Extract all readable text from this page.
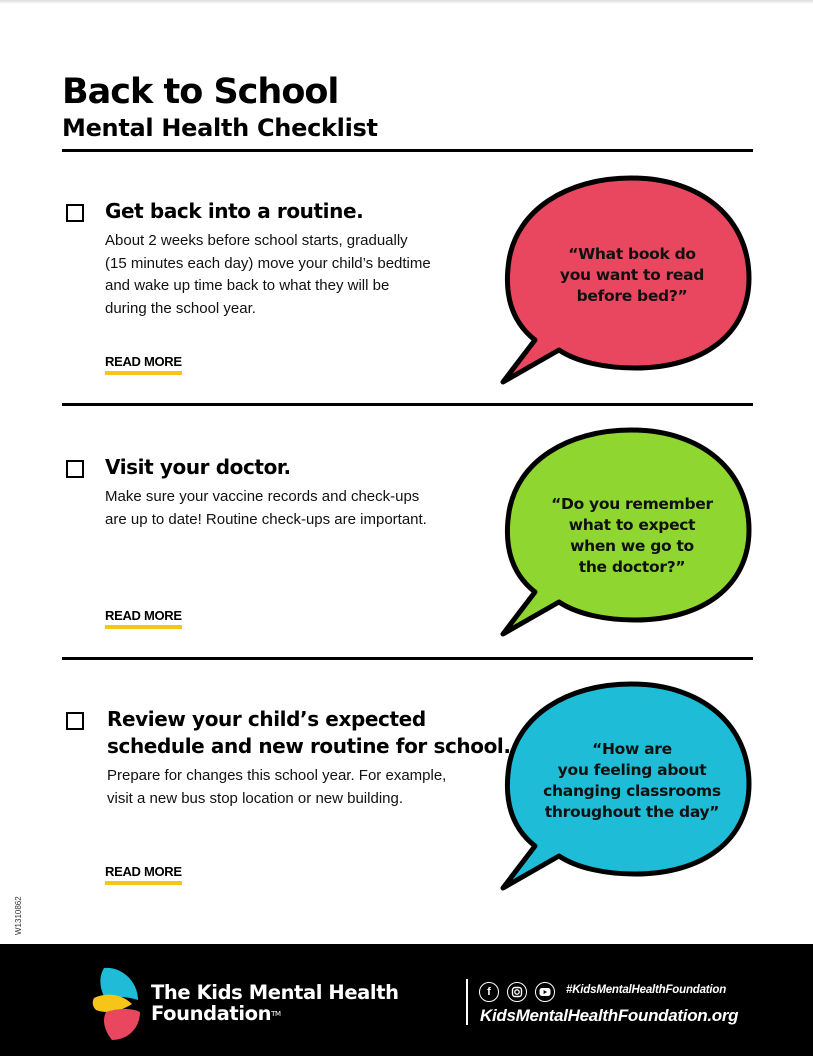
Back to School
Mental Health Checklist
Get back into a routine.

About 2 weeks before school starts, gradually
(15 minutes each day) move your child’s bedtime
and wake up time back to what they will be
during the school year.

READ MORE
“What book do
you want to read
before bed?”
Visit your doctor.

Make sure your vaccine records and check-ups
are up to date! Routine check-ups are important.

READ MORE
“Do you remember
what to expect
when we go to
the doctor?”
Review your child’s expected
schedule and new routine for school.

Prepare for changes this school year. For example,
visit a new bus stop location or new building.

READ MORE
“How are
you feeling about
changing classrooms
throughout the day”
W1310862
The Kids Mental Health
Foundation™
f	#KidsMentalHealthFoundation
KidsMentalHealthFoundation.org
